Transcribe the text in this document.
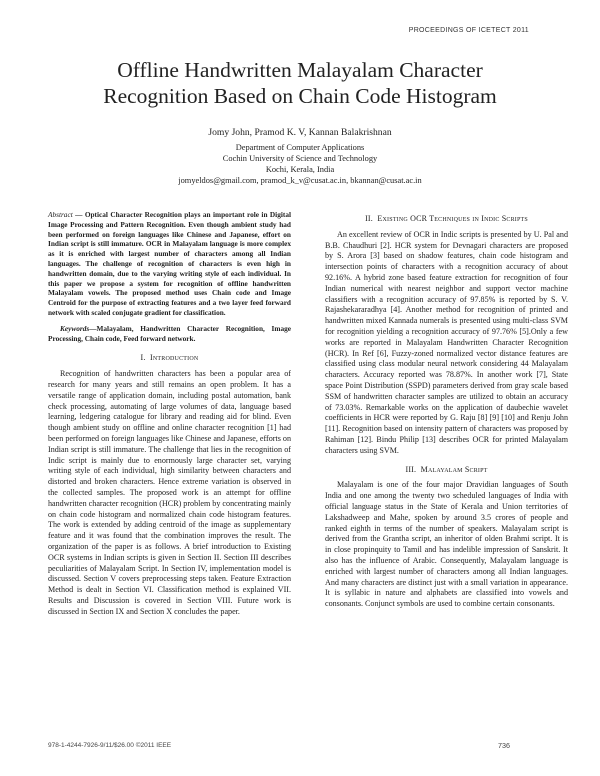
PROCEEDINGS OF ICETECT 2011
Offline Handwritten Malayalam Character
Recognition Based on Chain Code Histogram
Jomy John, Pramod K. V, Kannan Balakrishnan
Department of Computer Applications
Cochin University of Science and Technology
Kochi, Kerala, India
jomyeldos@gmail.com, pramod_k_v@cusat.ac.in, bkannan@cusat.ac.in

Abstract — Optical Character Recognition plays an important role in Digital Image Processing and Pattern Recognition. Even though ambient study had been performed on foreign languages like Chinese and Japanese, effort on Indian script is still immature. OCR in Malayalam language is more complex as it is enriched with largest number of characters among all Indian languages. The challenge of recognition of characters is even high in handwritten domain, due to the varying writing style of each individual. In this paper we propose a system for recognition of offline handwritten Malayalam vowels. The proposed method uses Chain code and Image Centroid for the purpose of extracting features and a two layer feed forward network with scaled conjugate gradient for classification.

Keywords—Malayalam, Handwritten Character Recognition, Image Processing, Chain code, Feed forward network.

I. Introduction

Recognition of handwritten characters has been a popular area of research for many years and still remains an open problem. It has a versatile range of application domain, including postal automation, bank check processing, automating of large volumes of data, language based learning, ledgering catalogue for library and reading aid for blind. Even though ambient study on offline and online character recognition [1] had been performed on foreign languages like Chinese and Japanese, efforts on Indian script is still immature. The challenge that lies in the recognition of Indic script is mainly due to enormously large character set, varying writing style of each individual, high similarity between characters and distorted and broken characters. Hence extreme variation is observed in the collected samples. The proposed work is an attempt for offline handwritten character recognition (HCR) problem by concentrating mainly on chain code histogram and normalized chain code histogram features. The work is extended by adding centroid of the image as supplementary feature and it was found that the combination improves the result. The organization of the paper is as follows. A brief introduction to Existing OCR systems in Indian scripts is given in Section II. Section III describes peculiarities of Malayalam Script. In Section IV, implementation model is discussed. Section V covers preprocessing steps taken. Feature Extraction Method is dealt in Section VI. Classification method is explained VII. Results and Discussion is covered in Section VIII. Future work is discussed in Section IX and Section X concludes the paper.

II. Existing OCR Techniques in Indic Scripts

An excellent review of OCR in Indic scripts is presented by U. Pal and B.B. Chaudhuri [2]. HCR system for Devnagari characters are proposed by S. Arora [3] based on shadow features, chain code histogram and intersection points of characters with a recognition accuracy of about 92.16%. A hybrid zone based feature extraction for recognition of four Indian numerical with nearest neighbor and support vector machine classifiers with a recognition accuracy of 97.85% is reported by S. V. Rajashekararadhya [4]. Another method for recognition of printed and handwritten mixed Kannada numerals is presented using multi-class SVM for recognition yielding a recognition accuracy of 97.76% [5].Only a few works are reported in Malayalam Handwritten Character Recognition (HCR). In Ref [6], Fuzzy-zoned normalized vector distance features are classified using class modular neural network considering 44 Malayalam characters. Accuracy reported was 78.87%. In another work [7], State space Point Distribution (SSPD) parameters derived from gray scale based SSM of handwritten character samples are utilized to obtain an accuracy of 73.03%. Remarkable works on the application of daubechie wavelet coefficients in HCR were reported by G. Raju [8] [9] [10] and Renju John [11]. Recognition based on intensity pattern of characters was proposed by Rahiman [12]. Bindu Philip [13] describes OCR for printed Malayalam characters using SVM.

III. Malayalam Script

Malayalam is one of the four major Dravidian languages of South India and one among the twenty two scheduled languages of India with official language status in the State of Kerala and Union territories of Lakshadweep and Mahe, spoken by around 3.5 crores of people and ranked eighth in terms of the number of speakers. Malayalam script is derived from the Grantha script, an inheritor of olden Brahmi script. It is in close propinquity to Tamil and has indelible impression of Sanskrit. It also has the influence of Arabic. Consequently, Malayalam language is enriched with largest number of characters among all Indian languages. And many characters are distinct just with a small variation in appearance. It is syllabic in nature and alphabets are classified into vowels and consonants. Conjunct symbols are used to combine certain consonants.

978-1-4244-7926-9/11/$26.00 ©2011 IEEE	736
